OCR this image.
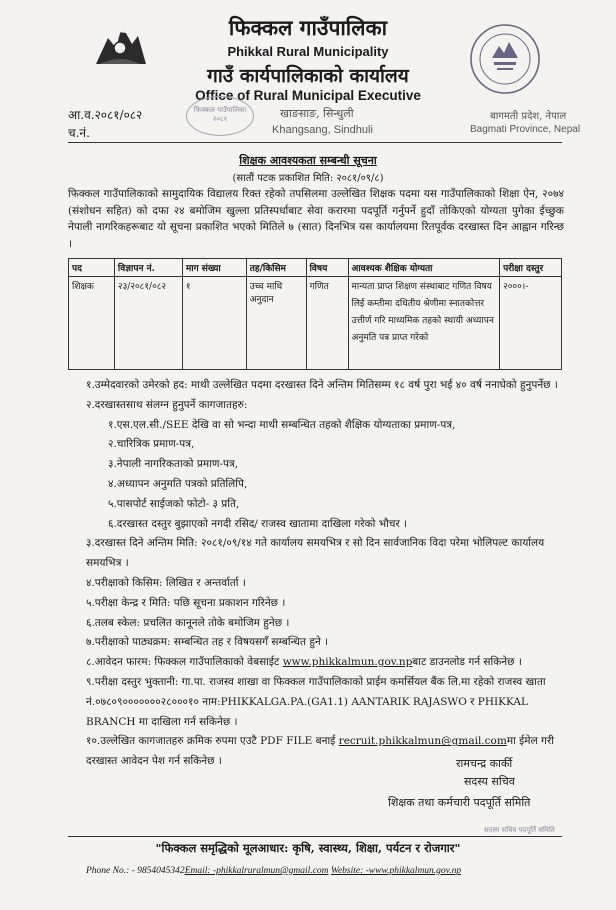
फिक्कल गाउँपालिका
Phikkal Rural Municipality
गाउँ कार्यपालिकाको कार्यालय
Office of Rural Municipal Executive
खाङसाङ, सिन्धुली
Khangsang, Sindhuli
आ.व.२०८१/०८२
च.नं.
बागमती प्रदेश, नेपाल
Bagmati Province, Nepal
फिक्कल गाउँपालिका २०८१
शिक्षक आवश्यकता सम्बन्धी सूचना
(सातौं पटक प्रकाशित मिति: २०८१/०९/८)
फिक्कल गाउँपालिकाको सामुदायिक विद्यालय रिक्त रहेको तपसिलमा उल्लेखित शिक्षक पदमा यस गाउँपालिकाको शिक्षा ऐन, २०७४ (संशोधन सहित) को दफा २४ बमोजिम खुल्ला प्रतिस्पर्धाबाट सेवा करारमा पदपूर्ति गर्नुपर्ने हुदाँ तोकिएको योग्यता पुगेका ईच्छुक नेपाली नागरिकहरूबाट यो सूचना प्रकाशित भएको मितिले ७ (सात) दिनभित्र यस कार्यालयमा रितपूर्वक दरखास्त दिन आह्वान गरिन्छ ।
पद	विज्ञापन नं.	माग संख्या	तह/किसिम	विषय	आवश्यक शैक्षिक योग्यता	परीक्षा दस्तुर
शिक्षक	२३/२०८१/०८२	१	उच्च माधि अनुदान	गणित	मान्यता प्राप्त शिक्षण संस्थाबाट गणित विषय लिई कम्तीमा दधितीय श्रेणीमा स्नातकोत्तर उत्तीर्ण गरि माध्यमिक तहको स्थायी अध्यापन अनुमति पत्र प्राप्त गरेको	२०००।-

१.उम्मेदवारको उमेरको हद: माथी उल्लेखित पदमा दरखास्त दिने अन्तिम मितिसम्म १८ वर्ष पुरा भई ४० वर्ष ननाघेको हुनुपर्नेछ ।

२.दरखास्तसाथ संलग्न हुनुपर्ने कागजातहरु:

१.एस.एल.सी./SEE देखि वा सो भन्दा माथी सम्बन्धित तहको शैक्षिक योग्यताका प्रमाण-पत्र,

२.चारित्रिक प्रमाण-पत्र,

३.नेपाली नागरिकताको प्रमाण-पत्र,

४.अध्यापन अनुमति पत्रको प्रतिलिपि,

५.पासपोर्ट साईजको फोटो- ३ प्रति,

६.दरखास्त दस्तुर बुझाएको नगदी रसिद/ राजस्व खातामा दाखिला गरेको भौचर ।

३.दरखास्त दिने अन्तिम मिति: २०८१/०९/१४ गते कार्यालय समयभित्र र सो दिन सार्वजानिक विदा परेमा भोलिपल्ट कार्यालय समयभित्र ।

४.परीक्षाको किसिम: लिखित र अन्तर्वार्ता ।

५.परीक्षा केन्द्र र मिति: पछि सूचना प्रकाशन गरिनेछ ।

६.तलब स्केल: प्रचलित कानूनले तोके बमोजिम हुनेछ ।

७.परीक्षाको पाठ्यक्रम: सम्बन्धित तह र विषयसगँ सम्बन्धित हुने ।

८.आवेदन फारम: फिक्कल गाउँपालिकाको वेबसाईट www.phikkalmun.gov.npबाट डाउनलोड गर्न सकिनेछ ।

९.परीक्षा दस्तुर भुक्तानी: गा.पा. राजस्व शाखा वा फिक्कल गाउँपालिकाको प्राईम कमर्सियल बैंक लि.मा रहेको राजस्व खाता नं.०७८०९०००००००२८०००१० नाम:PHIKKALGA.PA.(GA1.1) AANTARIK RAJASWO र PHIKKAL BRANCH मा दाखिला गर्न सकिनेछ ।

१०.उल्लेखित कागजातहरु क्रमिक रुपमा एउटै PDF FILE बनाई recruit.phikkalmun@gmail.comमा ईमेल गरी दरखास्त आवेदन पेश गर्न सकिनेछ ।	रामचन्द्र कार्की
सदस्य सचिव
शिक्षक तथा कर्मचारी पदपूर्ति समिति
सदस्य सचिव पदपूर्ति समिति
"फिक्कल समृद्धिको मूलआधार: कृषि, स्वास्थ्य, शिक्षा, पर्यटन र रोजगार"
Phone No.: - 9854045342Email: -phikkalruralmun@gmail.com Website: -www.phikkalmun.gov.np
